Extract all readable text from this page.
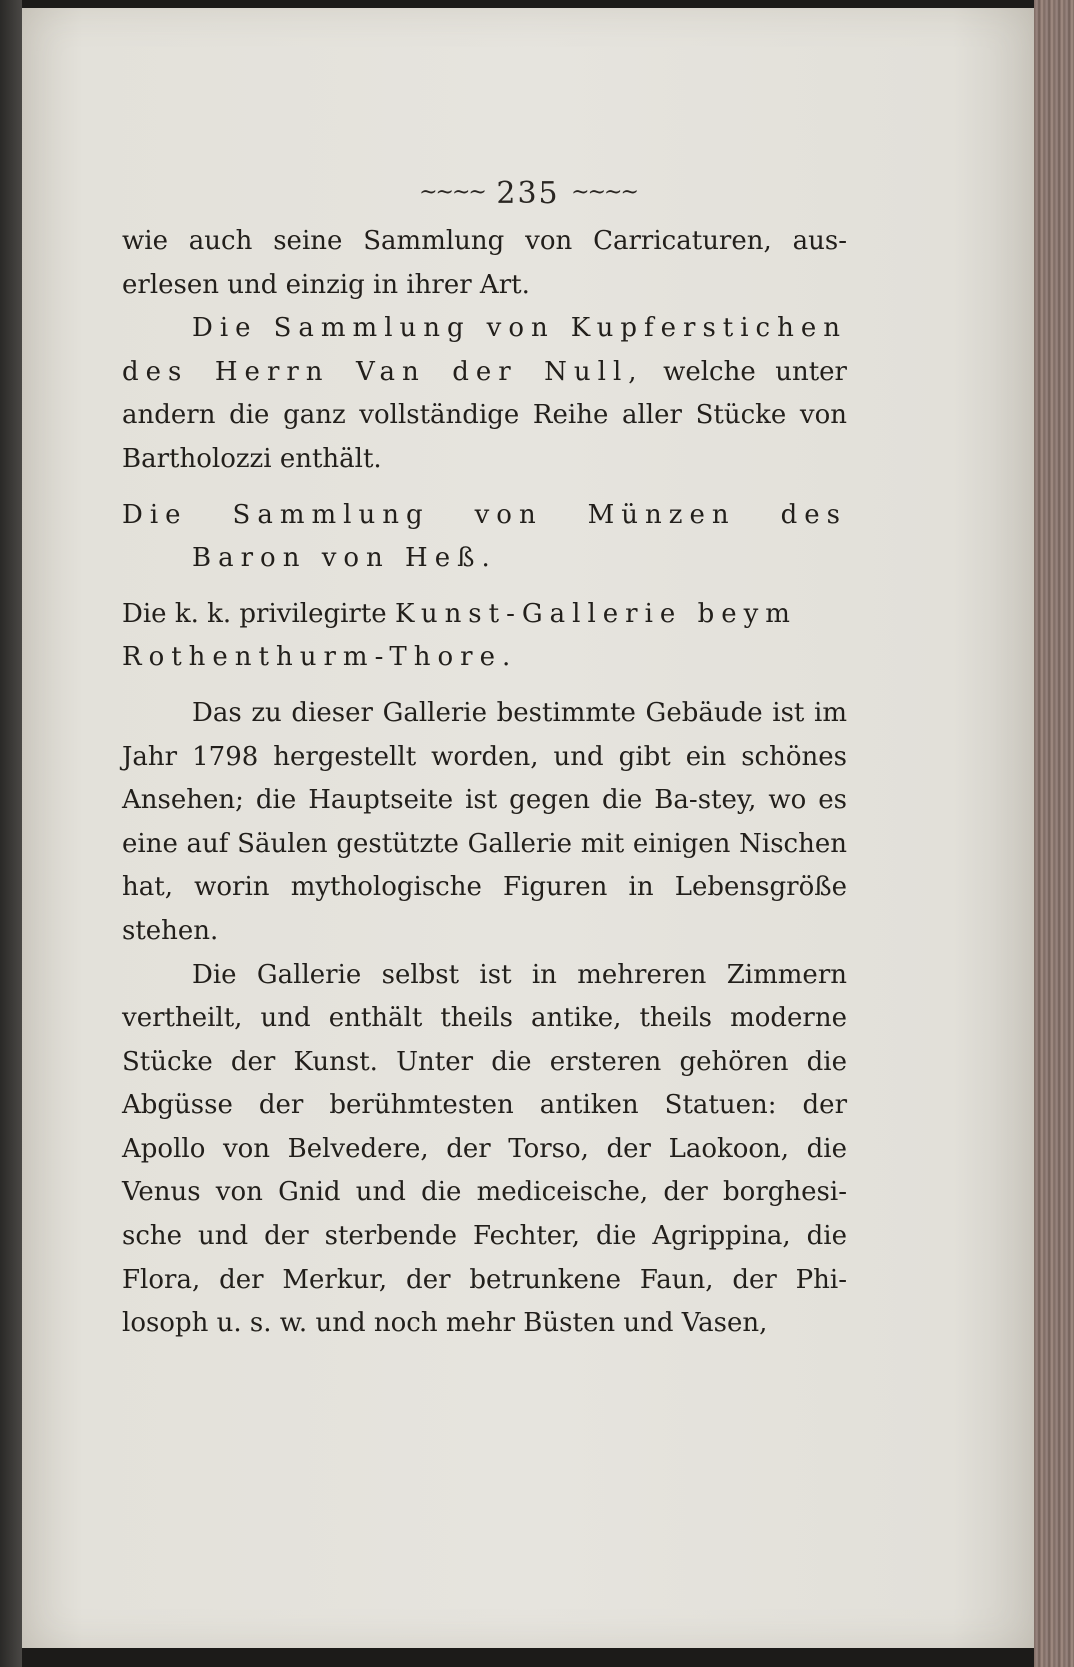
~~~~ 235 ~~~~

wie auch seine Sammlung von Carricaturen, aus-erlesen und einzig in ihrer Art.

Die Sammlung von Kupferstichen des Herrn Van der Null, welche unter andern die ganz vollständige Reihe aller Stücke von Bartholozzi enthält.

Die Sammlung von Münzen des Baron von Heß.

Die k. k. privilegirte Kunst-Gallerie beym
Rothenthurm-Thore.

Das zu dieser Gallerie bestimmte Gebäude ist im Jahr 1798 hergestellt worden, und gibt ein schönes Ansehen; die Hauptseite ist gegen die Ba-stey, wo es eine auf Säulen gestützte Gallerie mit einigen Nischen hat, worin mythologische Figuren in Lebensgröße stehen.

Die Gallerie selbst ist in mehreren Zimmern vertheilt, und enthält theils antike, theils moderne Stücke der Kunst. Unter die ersteren gehören die Abgüsse der berühmtesten antiken Statuen: der Apollo von Belvedere, der Torso, der Laokoon, die Venus von Gnid und die mediceische, der borghesi-sche und der sterbende Fechter, die Agrippina, die Flora, der Merkur, der betrunkene Faun, der Phi-losoph u. s. w. und noch mehr Büsten und Vasen,
